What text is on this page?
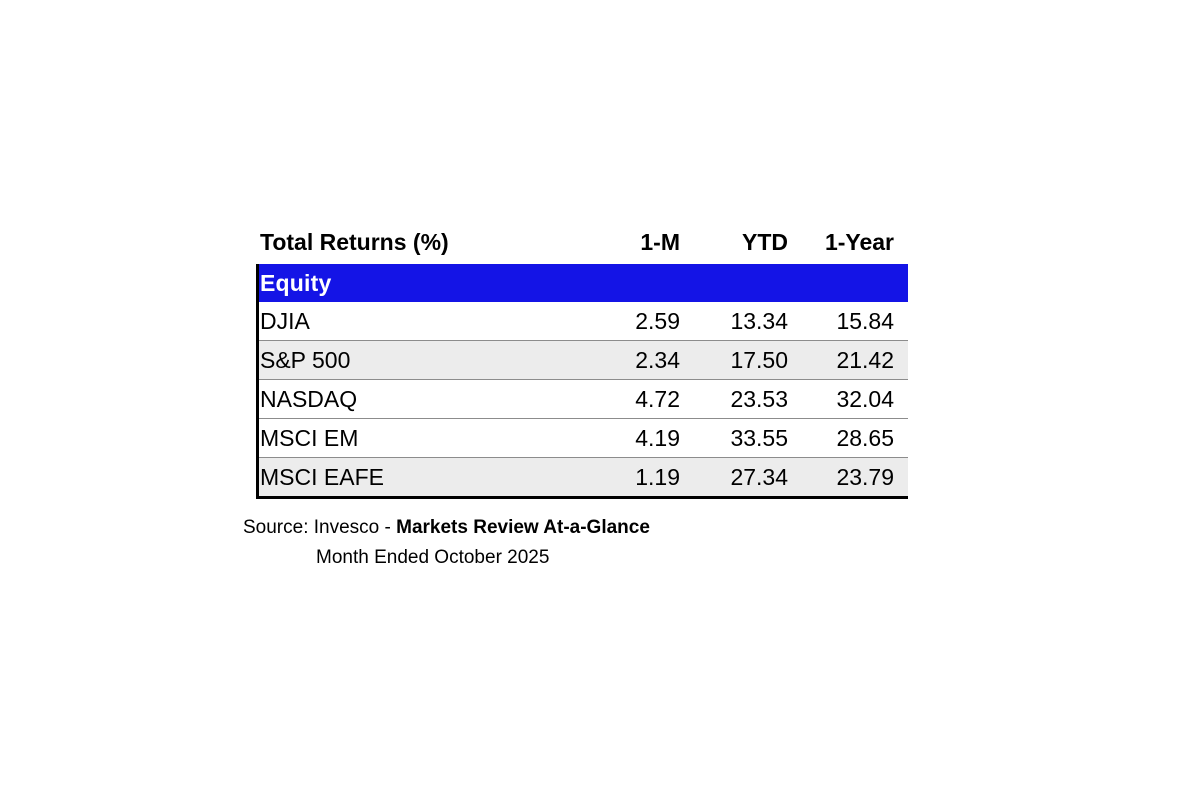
Total Returns (%)	1-M	YTD	1-Year
Equity			
DJIA	2.59	13.34	15.84
S&P 500	2.34	17.50	21.42
NASDAQ	4.72	23.53	32.04
MSCI EM	4.19	33.55	28.65
MSCI EAFE	1.19	27.34	23.79
Source: Invesco - Markets Review At-a-Glance
Month Ended October 2025
